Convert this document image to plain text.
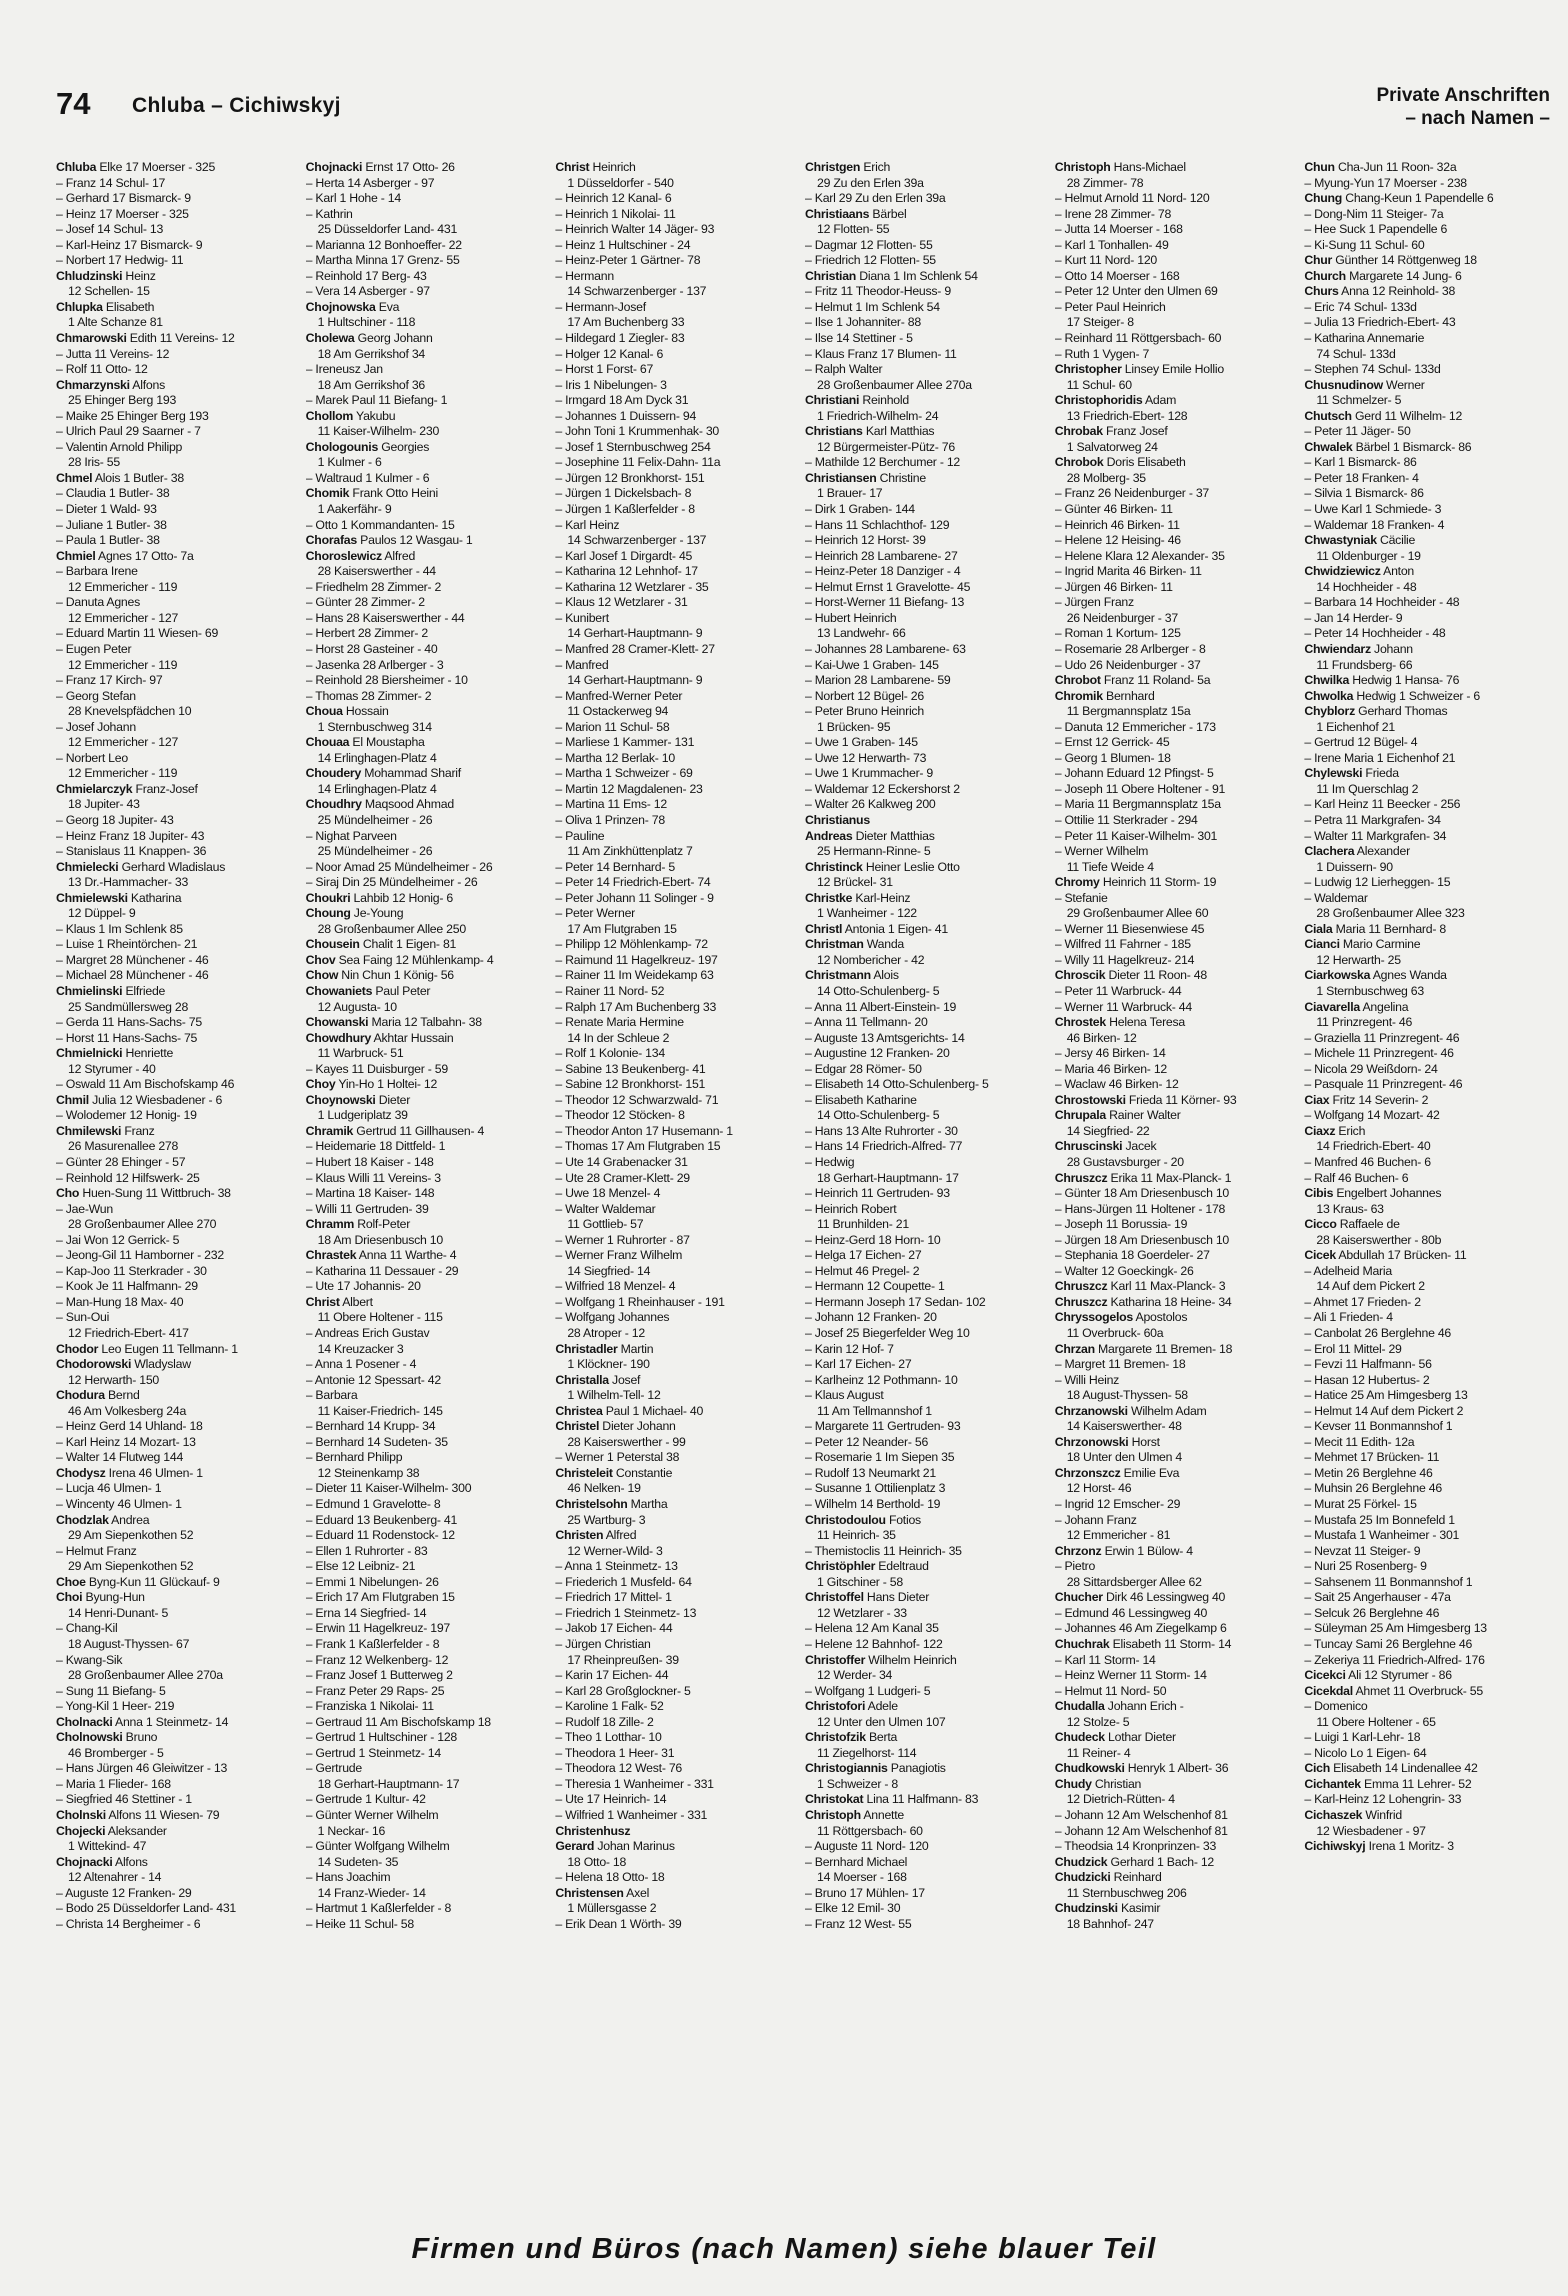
74 Chluba – Cichiwskyj	Private Anschriften
– nach Namen –
Chluba Elke 17 Moerser - 325
– Franz 14 Schul- 17
– Gerhard 17 Bismarck- 9
– Heinz 17 Moerser - 325
– Josef 14 Schul- 13
– Karl-Heinz 17 Bismarck- 9
– Norbert 17 Hedwig- 11
Chludzinski Heinz
12 Schellen- 15
Chlupka Elisabeth
1 Alte Schanze 81
Chmarowski Edith 11 Vereins- 12
– Jutta 11 Vereins- 12
– Rolf 11 Otto- 12
Chmarzynski Alfons
25 Ehinger Berg 193
– Maike 25 Ehinger Berg 193
– Ulrich Paul 29 Saarner - 7
– Valentin Arnold Philipp
28 Iris- 55
Chmel Alois 1 Butler- 38
– Claudia 1 Butler- 38
– Dieter 1 Wald- 93
– Juliane 1 Butler- 38
– Paula 1 Butler- 38
Chmiel Agnes 17 Otto- 7a
– Barbara Irene
12 Emmericher - 119
– Danuta Agnes
12 Emmericher - 127
– Eduard Martin 11 Wiesen- 69
– Eugen Peter
12 Emmericher - 119
– Franz 17 Kirch- 97
– Georg Stefan
28 Knevelspfädchen 10
– Josef Johann
12 Emmericher - 127
– Norbert Leo
12 Emmericher - 119
Chmielarczyk Franz-Josef
18 Jupiter- 43
– Georg 18 Jupiter- 43
– Heinz Franz 18 Jupiter- 43
– Stanislaus 11 Knappen- 36
Chmielecki Gerhard Wladislaus
13 Dr.-Hammacher- 33
Chmielewski Katharina
12 Düppel- 9
– Klaus 1 Im Schlenk 85
– Luise 1 Rheintörchen- 21
– Margret 28 Münchener - 46
– Michael 28 Münchener - 46
Chmielinski Elfriede
25 Sandmüllersweg 28
– Gerda 11 Hans-Sachs- 75
– Horst 11 Hans-Sachs- 75
Chmielnicki Henriette
12 Styrumer - 40
– Oswald 11 Am Bischofskamp 46
Chmil Julia 12 Wiesbadener - 6
– Wolodemer 12 Honig- 19
Chmilewski Franz
26 Masurenallee 278
– Günter 28 Ehinger - 57
– Reinhold 12 Hilfswerk- 25
Cho Huen-Sung 11 Wittbruch- 38
– Jae-Wun
28 Großenbaumer Allee 270
– Jai Won 12 Gerrick- 5
– Jeong-Gil 11 Hamborner - 232
– Kap-Joo 11 Sterkrader - 30
– Kook Je 11 Halfmann- 29
– Man-Hung 18 Max- 40
– Sun-Oui
12 Friedrich-Ebert- 417
Chodor Leo Eugen 11 Tellmann- 1
Chodorowski Wladyslaw
12 Herwarth- 150
Chodura Bernd
46 Am Volkesberg 24a
– Heinz Gerd 14 Uhland- 18
– Karl Heinz 14 Mozart- 13
– Walter 14 Flutweg 144
Chodysz Irena 46 Ulmen- 1
– Lucja 46 Ulmen- 1
– Wincenty 46 Ulmen- 1
Chodzlak Andrea
29 Am Siepenkothen 52
– Helmut Franz
29 Am Siepenkothen 52
Choe Byng-Kun 11 Glückauf- 9
Choi Byung-Hun
14 Henri-Dunant- 5
– Chang-Kil
18 August-Thyssen- 67
– Kwang-Sik
28 Großenbaumer Allee 270a
– Sung 11 Biefang- 5
– Yong-Kil 1 Heer- 219
Cholnacki Anna 1 Steinmetz- 14
Cholnowski Bruno
46 Bromberger - 5
– Hans Jürgen 46 Gleiwitzer - 13
– Maria 1 Flieder- 168
– Siegfried 46 Stettiner - 1
Cholnski Alfons 11 Wiesen- 79
Chojecki Aleksander
1 Wittekind- 47
Chojnacki Alfons
12 Altenahrer - 14
– Auguste 12 Franken- 29
– Bodo 25 Düsseldorfer Land- 431
– Christa 14 Bergheimer - 6
Chojnacki Ernst 17 Otto- 26
– Herta 14 Asberger - 97
– Karl 1 Hohe - 14
– Kathrin
25 Düsseldorfer Land- 431
– Marianna 12 Bonhoeffer- 22
– Martha Minna 17 Grenz- 55
– Reinhold 17 Berg- 43
– Vera 14 Asberger - 97
Chojnowska Eva
1 Hultschiner - 118
Cholewa Georg Johann
18 Am Gerrikshof 34
– Ireneusz Jan
18 Am Gerrikshof 36
– Marek Paul 11 Biefang- 1
Chollom Yakubu
11 Kaiser-Wilhelm- 230
Chologounis Georgies
1 Kulmer - 6
– Waltraud 1 Kulmer - 6
Chomik Frank Otto Heini
1 Aakerfähr- 9
– Otto 1 Kommandanten- 15
Chorafas Paulos 12 Wasgau- 1
Choroslewicz Alfred
28 Kaiserswerther - 44
– Friedhelm 28 Zimmer- 2
– Günter 28 Zimmer- 2
– Hans 28 Kaiserswerther - 44
– Herbert 28 Zimmer- 2
– Horst 28 Gasteiner - 40
– Jasenka 28 Arlberger - 3
– Reinhold 28 Biersheimer - 10
– Thomas 28 Zimmer- 2
Choua Hossain
1 Sternbuschweg 314
Chouaa El Moustapha
14 Erlinghagen-Platz 4
Choudery Mohammad Sharif
14 Erlinghagen-Platz 4
Choudhry Maqsood Ahmad
25 Mündelheimer - 26
– Nighat Parveen
25 Mündelheimer - 26
– Noor Amad 25 Mündelheimer - 26
– Siraj Din 25 Mündelheimer - 26
Choukri Lahbib 12 Honig- 6
Choung Je-Young
28 Großenbaumer Allee 250
Chousein Chalit 1 Eigen- 81
Chov Sea Faing 12 Mühlenkamp- 4
Chow Nin Chun 1 König- 56
Chowaniets Paul Peter
12 Augusta- 10
Chowanski Maria 12 Talbahn- 38
Chowdhury Akhtar Hussain
11 Warbruck- 51
– Kayes 11 Duisburger - 59
Choy Yin-Ho 1 Holtei- 12
Choynowski Dieter
1 Ludgeriplatz 39
Chramik Gertrud 11 Gillhausen- 4
– Heidemarie 18 Dittfeld- 1
– Hubert 18 Kaiser - 148
– Klaus Willi 11 Vereins- 3
– Martina 18 Kaiser- 148
– Willi 11 Gertruden- 39
Chramm Rolf-Peter
18 Am Driesenbusch 10
Chrastek Anna 11 Warthe- 4
– Katharina 11 Dessauer - 29
– Ute 17 Johannis- 20
Christ Albert
11 Obere Holtener - 115
– Andreas Erich Gustav
14 Kreuzacker 3
– Anna 1 Posener - 4
– Antonie 12 Spessart- 42
– Barbara
11 Kaiser-Friedrich- 145
– Bernhard 14 Krupp- 34
– Bernhard 14 Sudeten- 35
– Bernhard Philipp
12 Steinenkamp 38
– Dieter 11 Kaiser-Wilhelm- 300
– Edmund 1 Gravelotte- 8
– Eduard 13 Beukenberg- 41
– Eduard 11 Rodenstock- 12
– Ellen 1 Ruhrorter - 83
– Else 12 Leibniz- 21
– Emmi 1 Nibelungen- 26
– Erich 17 Am Flutgraben 15
– Erna 14 Siegfried- 14
– Erwin 11 Hagelkreuz- 197
– Frank 1 Kaßlerfelder - 8
– Franz 12 Welkenberg- 12
– Franz Josef 1 Butterweg 2
– Franz Peter 29 Raps- 25
– Franziska 1 Nikolai- 11
– Gertraud 11 Am Bischofskamp 18
– Gertrud 1 Hultschiner - 128
– Gertrud 1 Steinmetz- 14
– Gertrude
18 Gerhart-Hauptmann- 17
– Gertrude 1 Kultur- 42
– Günter Werner Wilhelm
1 Neckar- 16
– Günter Wolfgang Wilhelm
14 Sudeten- 35
– Hans Joachim
14 Franz-Wieder- 14
– Hartmut 1 Kaßlerfelder - 8
– Heike 11 Schul- 58
Christ Heinrich
1 Düsseldorfer - 540
– Heinrich 12 Kanal- 6
– Heinrich 1 Nikolai- 11
– Heinrich Walter 14 Jäger- 93
– Heinz 1 Hultschiner - 24
– Heinz-Peter 1 Gärtner- 78
– Hermann
14 Schwarzenberger - 137
– Hermann-Josef
17 Am Buchenberg 33
– Hildegard 1 Ziegler- 83
– Holger 12 Kanal- 6
– Horst 1 Forst- 67
– Iris 1 Nibelungen- 3
– Irmgard 18 Am Dyck 31
– Johannes 1 Duissern- 94
– John Toni 1 Krummenhak- 30
– Josef 1 Sternbuschweg 254
– Josephine 11 Felix-Dahn- 11a
– Jürgen 12 Bronkhorst- 151
– Jürgen 1 Dickelsbach- 8
– Jürgen 1 Kaßlerfelder - 8
– Karl Heinz
14 Schwarzenberger - 137
– Karl Josef 1 Dirgardt- 45
– Katharina 12 Lehnhof- 17
– Katharina 12 Wetzlarer - 35
– Klaus 12 Wetzlarer - 31
– Kunibert
14 Gerhart-Hauptmann- 9
– Manfred 28 Cramer-Klett- 27
– Manfred
14 Gerhart-Hauptmann- 9
– Manfred-Werner Peter
11 Ostackerweg 94
– Marion 11 Schul- 58
– Marliese 1 Kammer- 131
– Martha 12 Berlak- 10
– Martha 1 Schweizer - 69
– Martin 12 Magdalenen- 23
– Martina 11 Ems- 12
– Oliva 1 Prinzen- 78
– Pauline
11 Am Zinkhüttenplatz 7
– Peter 14 Bernhard- 5
– Peter 14 Friedrich-Ebert- 74
– Peter Johann 11 Solinger - 9
– Peter Werner
17 Am Flutgraben 15
– Philipp 12 Möhlenkamp- 72
– Raimund 11 Hagelkreuz- 197
– Rainer 11 Im Weidekamp 63
– Rainer 11 Nord- 52
– Ralph 17 Am Buchenberg 33
– Renate Maria Hermine
14 In der Schleue 2
– Rolf 1 Kolonie- 134
– Sabine 13 Beukenberg- 41
– Sabine 12 Bronkhorst- 151
– Theodor 12 Schwarzwald- 71
– Theodor 12 Stöcken- 8
– Theodor Anton 17 Husemann- 1
– Thomas 17 Am Flutgraben 15
– Ute 14 Grabenacker 31
– Ute 28 Cramer-Klett- 29
– Uwe 18 Menzel- 4
– Walter Waldemar
11 Gottlieb- 57
– Werner 1 Ruhrorter - 87
– Werner Franz Wilhelm
14 Siegfried- 14
– Wilfried 18 Menzel- 4
– Wolfgang 1 Rheinhauser - 191
– Wolfgang Johannes
28 Atroper - 12
Christadler Martin
1 Klöckner- 190
Christalla Josef
1 Wilhelm-Tell- 12
Christea Paul 1 Michael- 40
Christel Dieter Johann
28 Kaiserswerther - 99
– Werner 1 Peterstal 38
Christeleit Constantie
46 Nelken- 19
Christelsohn Martha
25 Wartburg- 3
Christen Alfred
12 Werner-Wild- 3
– Anna 1 Steinmetz- 13
– Friederich 1 Musfeld- 64
– Friedrich 17 Mittel- 1
– Friedrich 1 Steinmetz- 13
– Jakob 17 Eichen- 44
– Jürgen Christian
17 Rheinpreußen- 39
– Karin 17 Eichen- 44
– Karl 28 Großglockner- 5
– Karoline 1 Falk- 52
– Rudolf 18 Zille- 2
– Theo 1 Lotthar- 10
– Theodora 1 Heer- 31
– Theodora 12 West- 76
– Theresia 1 Wanheimer - 331
– Ute 17 Heinrich- 14
– Wilfried 1 Wanheimer - 331
Christenhusz
Gerard Johan Marinus
18 Otto- 18
– Helena 18 Otto- 18
Christensen Axel
1 Müllersgasse 2
– Erik Dean 1 Wörth- 39
Christgen Erich
29 Zu den Erlen 39a
– Karl 29 Zu den Erlen 39a
Christiaans Bärbel
12 Flotten- 55
– Dagmar 12 Flotten- 55
– Friedrich 12 Flotten- 55
Christian Diana 1 Im Schlenk 54
– Fritz 11 Theodor-Heuss- 9
– Helmut 1 Im Schlenk 54
– Ilse 1 Johanniter- 88
– Ilse 14 Stettiner - 5
– Klaus Franz 17 Blumen- 11
– Ralph Walter
28 Großenbaumer Allee 270a
Christiani Reinhold
1 Friedrich-Wilhelm- 24
Christians Karl Matthias
12 Bürgermeister-Pütz- 76
– Mathilde 12 Berchumer - 12
Christiansen Christine
1 Brauer- 17
– Dirk 1 Graben- 144
– Hans 11 Schlachthof- 129
– Heinrich 12 Horst- 39
– Heinrich 28 Lambarene- 27
– Heinz-Peter 18 Danziger - 4
– Helmut Ernst 1 Gravelotte- 45
– Horst-Werner 11 Biefang- 13
– Hubert Heinrich
13 Landwehr- 66
– Johannes 28 Lambarene- 63
– Kai-Uwe 1 Graben- 145
– Marion 28 Lambarene- 59
– Norbert 12 Bügel- 26
– Peter Bruno Heinrich
1 Brücken- 95
– Uwe 1 Graben- 145
– Uwe 12 Herwarth- 73
– Uwe 1 Krummacher- 9
– Waldemar 12 Eckershorst 2
– Walter 26 Kalkweg 200
Christianus
Andreas Dieter Matthias
25 Hermann-Rinne- 5
Christinck Heiner Leslie Otto
12 Brückel- 31
Christke Karl-Heinz
1 Wanheimer - 122
Christl Antonia 1 Eigen- 41
Christman Wanda
12 Nombericher - 42
Christmann Alois
14 Otto-Schulenberg- 5
– Anna 11 Albert-Einstein- 19
– Anna 11 Tellmann- 20
– Auguste 13 Amtsgerichts- 14
– Augustine 12 Franken- 20
– Edgar 28 Römer- 50
– Elisabeth 14 Otto-Schulenberg- 5
– Elisabeth Katharine
14 Otto-Schulenberg- 5
– Hans 13 Alte Ruhrorter - 30
– Hans 14 Friedrich-Alfred- 77
– Hedwig
18 Gerhart-Hauptmann- 17
– Heinrich 11 Gertruden- 93
– Heinrich Robert
11 Brunhilden- 21
– Heinz-Gerd 18 Horn- 10
– Helga 17 Eichen- 27
– Helmut 46 Pregel- 2
– Hermann 12 Coupette- 1
– Hermann Joseph 17 Sedan- 102
– Johann 12 Franken- 20
– Josef 25 Biegerfelder Weg 10
– Karin 12 Hof- 7
– Karl 17 Eichen- 27
– Karlheinz 12 Pothmann- 10
– Klaus August
11 Am Tellmannshof 1
– Margarete 11 Gertruden- 93
– Peter 12 Neander- 56
– Rosemarie 1 Im Siepen 35
– Rudolf 13 Neumarkt 21
– Susanne 1 Ottilienplatz 3
– Wilhelm 14 Berthold- 19
Christodoulou Fotios
11 Heinrich- 35
– Themistoclis 11 Heinrich- 35
Christöphler Edeltraud
1 Gitschiner - 58
Christoffel Hans Dieter
12 Wetzlarer - 33
– Helena 12 Am Kanal 35
– Helene 12 Bahnhof- 122
Christoffer Wilhelm Heinrich
12 Werder- 34
– Wolfgang 1 Ludgeri- 5
Christofori Adele
12 Unter den Ulmen 107
Christofzik Berta
11 Ziegelhorst- 114
Christogiannis Panagiotis
1 Schweizer - 8
Christokat Lina 11 Halfmann- 83
Christoph Annette
11 Röttgersbach- 60
– Auguste 11 Nord- 120
– Bernhard Michael
14 Moerser - 168
– Bruno 17 Mühlen- 17
– Elke 12 Emil- 30
– Franz 12 West- 55
Christoph Hans-Michael
28 Zimmer- 78
– Helmut Arnold 11 Nord- 120
– Irene 28 Zimmer- 78
– Jutta 14 Moerser - 168
– Karl 1 Tonhallen- 49
– Kurt 11 Nord- 120
– Otto 14 Moerser - 168
– Peter 12 Unter den Ulmen 69
– Peter Paul Heinrich
17 Steiger- 8
– Reinhard 11 Röttgersbach- 60
– Ruth 1 Vygen- 7
Christopher Linsey Emile Hollio
11 Schul- 60
Christophoridis Adam
13 Friedrich-Ebert- 128
Chrobak Franz Josef
1 Salvatorweg 24
Chrobok Doris Elisabeth
28 Molberg- 35
– Franz 26 Neidenburger - 37
– Günter 46 Birken- 11
– Heinrich 46 Birken- 11
– Helene 12 Heising- 46
– Helene Klara 12 Alexander- 35
– Ingrid Marita 46 Birken- 11
– Jürgen 46 Birken- 11
– Jürgen Franz
26 Neidenburger - 37
– Roman 1 Kortum- 125
– Rosemarie 28 Arlberger - 8
– Udo 26 Neidenburger - 37
Chrobot Franz 11 Roland- 5a
Chromik Bernhard
11 Bergmannsplatz 15a
– Danuta 12 Emmericher - 173
– Ernst 12 Gerrick- 45
– Georg 1 Blumen- 18
– Johann Eduard 12 Pfingst- 5
– Joseph 11 Obere Holtener - 91
– Maria 11 Bergmannsplatz 15a
– Ottilie 11 Sterkrader - 294
– Peter 11 Kaiser-Wilhelm- 301
– Werner Wilhelm
11 Tiefe Weide 4
Chromy Heinrich 11 Storm- 19
– Stefanie
29 Großenbaumer Allee 60
– Werner 11 Biesenwiese 45
– Wilfred 11 Fahrner - 185
– Willy 11 Hagelkreuz- 214
Chroscik Dieter 11 Roon- 48
– Peter 11 Warbruck- 44
– Werner 11 Warbruck- 44
Chrostek Helena Teresa
46 Birken- 12
– Jersy 46 Birken- 14
– Maria 46 Birken- 12
– Waclaw 46 Birken- 12
Chrostowski Frieda 11 Körner- 93
Chrupala Rainer Walter
14 Siegfried- 22
Chruscinski Jacek
28 Gustavsburger - 20
Chruszcz Erika 11 Max-Planck- 1
– Günter 18 Am Driesenbusch 10
– Hans-Jürgen 11 Holtener - 178
– Joseph 11 Borussia- 19
– Jürgen 18 Am Driesenbusch 10
– Stephania 18 Goerdeler- 27
– Walter 12 Goeckingk- 26
Chruszcz Karl 11 Max-Planck- 3
Chruszcz Katharina 18 Heine- 34
Chryssogelos Apostolos
11 Overbruck- 60a
Chrzan Margarete 11 Bremen- 18
– Margret 11 Bremen- 18
– Willi Heinz
18 August-Thyssen- 58
Chrzanowski Wilhelm Adam
14 Kaiserswerther- 48
Chrzonowski Horst
18 Unter den Ulmen 4
Chrzonszcz Emilie Eva
12 Horst- 46
– Ingrid 12 Emscher- 29
– Johann Franz
12 Emmericher - 81
Chrzonz Erwin 1 Bülow- 4
– Pietro
28 Sittardsberger Allee 62
Chucher Dirk 46 Lessingweg 40
– Edmund 46 Lessingweg 40
– Johannes 46 Am Ziegelkamp 6
Chuchrak Elisabeth 11 Storm- 14
– Karl 11 Storm- 14
– Heinz Werner 11 Storm- 14
– Helmut 11 Nord- 50
Chudalla Johann Erich -
12 Stolze- 5
Chudeck Lothar Dieter
11 Reiner- 4
Chudkowski Henryk 1 Albert- 36
Chudy Christian
12 Dietrich-Rütten- 4
– Johann 12 Am Welschenhof 81
– Johann 12 Am Welschenhof 81
– Theodsia 14 Kronprinzen- 33
Chudzick Gerhard 1 Bach- 12
Chudzicki Reinhard
11 Sternbuschweg 206
Chudzinski Kasimir
18 Bahnhof- 247
Chun Cha-Jun 11 Roon- 32a
– Myung-Yun 17 Moerser - 238
Chung Chang-Keun 1 Papendelle 6
– Dong-Nim 11 Steiger- 7a
– Hee Suck 1 Papendelle 6
– Ki-Sung 11 Schul- 60
Chur Günther 14 Röttgenweg 18
Church Margarete 14 Jung- 6
Churs Anna 12 Reinhold- 38
– Eric 74 Schul- 133d
– Julia 13 Friedrich-Ebert- 43
– Katharina Annemarie
74 Schul- 133d
– Stephen 74 Schul- 133d
Chusnudinow Werner
11 Schmelzer- 5
Chutsch Gerd 11 Wilhelm- 12
– Peter 11 Jäger- 50
Chwalek Bärbel 1 Bismarck- 86
– Karl 1 Bismarck- 86
– Peter 18 Franken- 4
– Silvia 1 Bismarck- 86
– Uwe Karl 1 Schmiede- 3
– Waldemar 18 Franken- 4
Chwastyniak Cäcilie
11 Oldenburger - 19
Chwidziewicz Anton
14 Hochheider - 48
– Barbara 14 Hochheider - 48
– Jan 14 Herder- 9
– Peter 14 Hochheider - 48
Chwiendarz Johann
11 Frundsberg- 66
Chwilka Hedwig 1 Hansa- 76
Chwolka Hedwig 1 Schweizer - 6
Chyblorz Gerhard Thomas
1 Eichenhof 21
– Gertrud 12 Bügel- 4
– Irene Maria 1 Eichenhof 21
Chylewski Frieda
11 Im Querschlag 2
– Karl Heinz 11 Beecker - 256
– Petra 11 Markgrafen- 34
– Walter 11 Markgrafen- 34
Clachera Alexander
1 Duissern- 90
– Ludwig 12 Lierheggen- 15
– Waldemar
28 Großenbaumer Allee 323
Ciala Maria 11 Bernhard- 8
Cianci Mario Carmine
12 Herwarth- 25
Ciarkowska Agnes Wanda
1 Sternbuschweg 63
Ciavarella Angelina
11 Prinzregent- 46
– Graziella 11 Prinzregent- 46
– Michele 11 Prinzregent- 46
– Nicola 29 Weißdorn- 24
– Pasquale 11 Prinzregent- 46
Ciax Fritz 14 Severin- 2
– Wolfgang 14 Mozart- 42
Ciaxz Erich
14 Friedrich-Ebert- 40
– Manfred 46 Buchen- 6
– Ralf 46 Buchen- 6
Cibis Engelbert Johannes
13 Kraus- 63
Cicco Raffaele de
28 Kaiserswerther - 80b
Cicek Abdullah 17 Brücken- 11
– Adelheid Maria
14 Auf dem Pickert 2
– Ahmet 17 Frieden- 2
– Ali 1 Frieden- 4
– Canbolat 26 Berglehne 46
– Erol 11 Mittel- 29
– Fevzi 11 Halfmann- 56
– Hasan 12 Hubertus- 2
– Hatice 25 Am Himgesberg 13
– Helmut 14 Auf dem Pickert 2
– Kevser 11 Bonmannshof 1
– Mecit 11 Edith- 12a
– Mehmet 17 Brücken- 11
– Metin 26 Berglehne 46
– Muhsin 26 Berglehne 46
– Murat 25 Förkel- 15
– Mustafa 25 Im Bonnefeld 1
– Mustafa 1 Wanheimer - 301
– Nevzat 11 Steiger- 9
– Nuri 25 Rosenberg- 9
– Sahsenem 11 Bonmannshof 1
– Sait 25 Angerhauser - 47a
– Selcuk 26 Berglehne 46
– Süleyman 25 Am Himgesberg 13
– Tuncay Sami 26 Berglehne 46
– Zekeriya 11 Friedrich-Alfred- 176
Cicekci Ali 12 Styrumer - 86
Cicekdal Ahmet 11 Overbruck- 55
– Domenico
11 Obere Holtener - 65
– Luigi 1 Karl-Lehr- 18
– Nicolo Lo 1 Eigen- 64
Cich Elisabeth 14 Lindenallee 42
Cichantek Emma 11 Lehrer- 52
– Karl-Heinz 12 Lohengrin- 33
Cichaszek Winfrid
12 Wiesbadener - 97
Cichiwskyj Irena 1 Moritz- 3
Firmen und Büros (nach Namen) siehe blauer Teil
